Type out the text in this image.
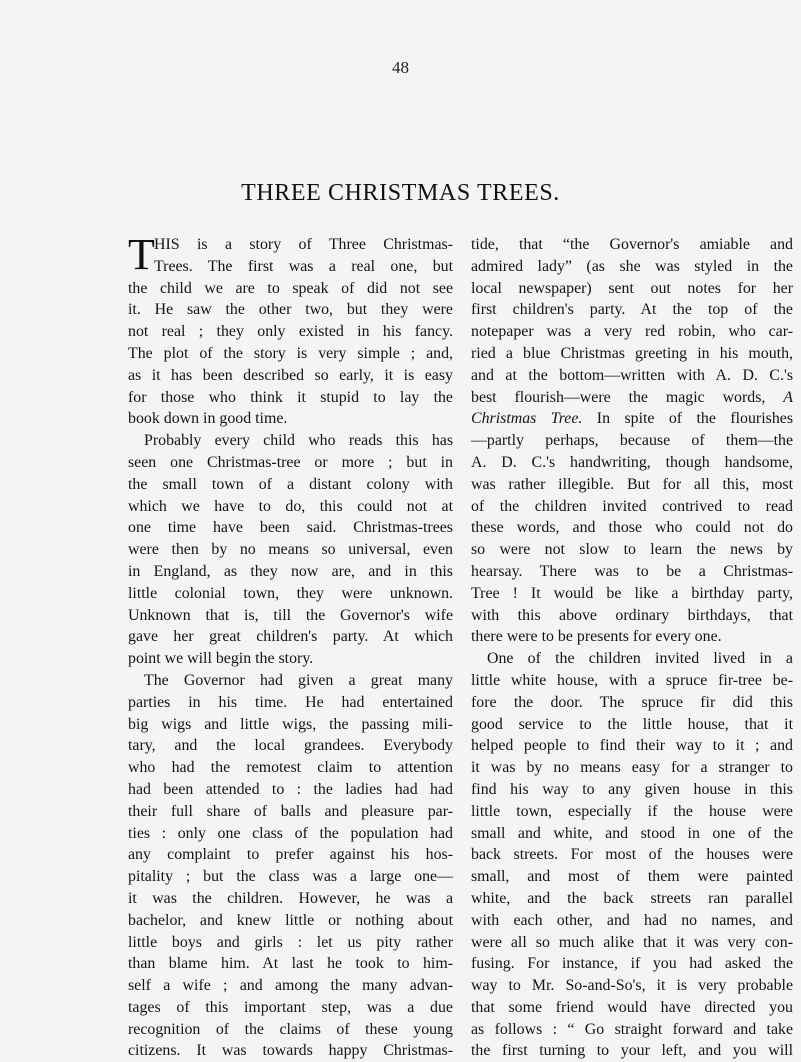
48
THREE CHRISTMAS TREES.
T HIS is a story of Three Christmas-
Trees. The first was a real one, but
the child we are to speak of did not see
it. He saw the other two, but they were
not real ; they only existed in his fancy.
The plot of the story is very simple ; and,
as it has been described so early, it is easy
for those who think it stupid to lay the
book down in good time.
Probably every child who reads this has
seen one Christmas-tree or more ; but in
the small town of a distant colony with
which we have to do, this could not at
one time have been said. Christmas-trees
were then by no means so universal, even
in England, as they now are, and in this
little colonial town, they were unknown.
Unknown that is, till the Governor's wife
gave her great children's party. At which
point we will begin the story.
The Governor had given a great many
parties in his time. He had entertained
big wigs and little wigs, the passing mili-
tary, and the local grandees. Everybody
who had the remotest claim to attention
had been attended to : the ladies had had
their full share of balls and pleasure par-
ties : only one class of the population had
any complaint to prefer against his hos-
pitality ; but the class was a large one—
it was the children. However, he was a
bachelor, and knew little or nothing about
little boys and girls : let us pity rather
than blame him. At last he took to him-
self a wife ; and among the many advan-
tages of this important step, was a due
recognition of the claims of these young
citizens. It was towards happy Christmas-
tide, that “the Governor's amiable and
admired lady” (as she was styled in the
local newspaper) sent out notes for her
first children's party. At the top of the
notepaper was a very red robin, who car-
ried a blue Christmas greeting in his mouth,
and at the bottom—written with A. D. C.'s
best flourish—were the magic words, A
Christmas Tree. In spite of the flourishes
—partly perhaps, because of them—the
A. D. C.'s handwriting, though handsome,
was rather illegible. But for all this, most
of the children invited contrived to read
these words, and those who could not do
so were not slow to learn the news by
hearsay. There was to be a Christmas-
Tree ! It would be like a birthday party,
with this above ordinary birthdays, that
there were to be presents for every one.
One of the children invited lived in a
little white house, with a spruce fir-tree be-
fore the door. The spruce fir did this
good service to the little house, that it
helped people to find their way to it ; and
it was by no means easy for a stranger to
find his way to any given house in this
little town, especially if the house were
small and white, and stood in one of the
back streets. For most of the houses were
small, and most of them were painted
white, and the back streets ran parallel
with each other, and had no names, and
were all so much alike that it was very con-
fusing. For instance, if you had asked the
way to Mr. So-and-So's, it is very probable
that some friend would have directed you
as follows : “ Go straight forward and take
the first turning to your left, and you will
